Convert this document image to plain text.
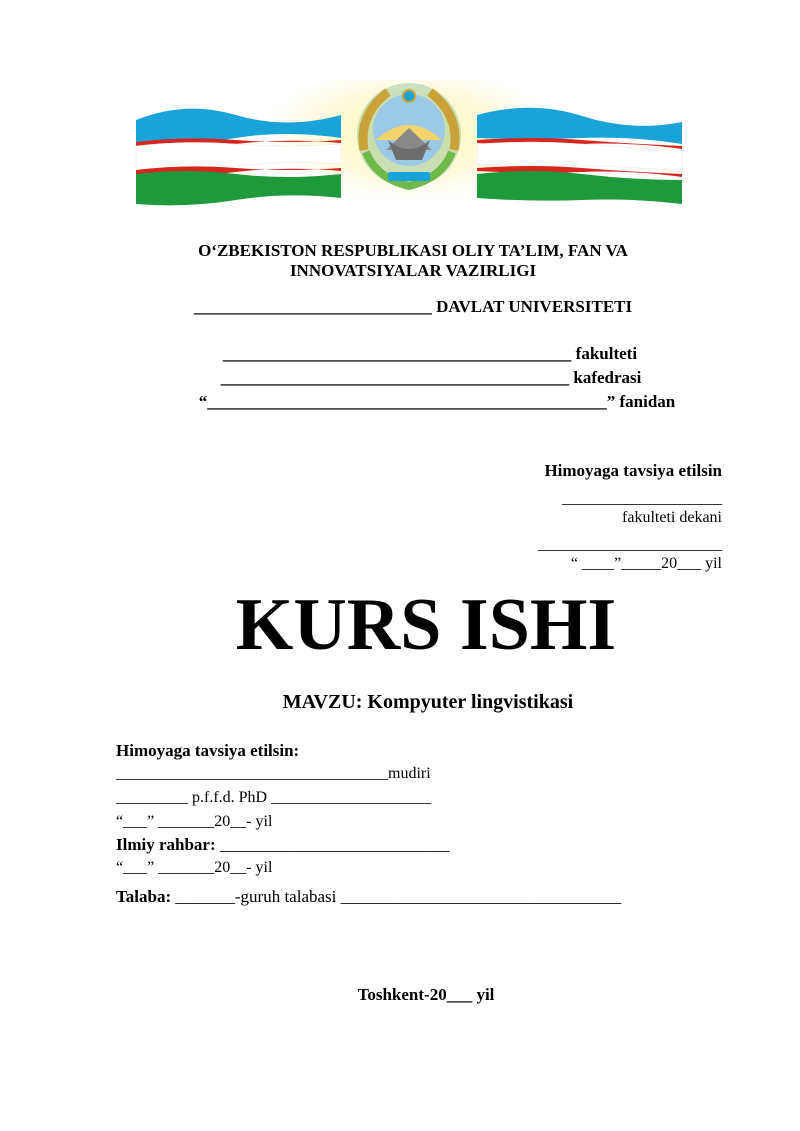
O‘ZBEKISTON RESPUBLIKASI OLIY TA’LIM, FAN VA
INNOVATSIYALAR VAZIRLIGI
____________________________ DAVLAT UNIVERSITETI
_________________________________________ fakulteti
_________________________________________ kafedrasi
“_______________________________________________” fanidan
Himoyaga tavsiya etilsin
____________________
fakulteti dekani
_______________________
“ ____”_____20___ yil
KURS ISHI
MAVZU: Kompyuter lingvistikasi
Himoyaga tavsiya etilsin:
__________________________________mudiri
_________ p.f.f.d. PhD ____________________
“___” _______20__- yil
Ilmiy rahbar: ___________________________
“___” _______20__- yil
Talaba: _______-guruh talabasi _________________________________
Toshkent-20___ yil
